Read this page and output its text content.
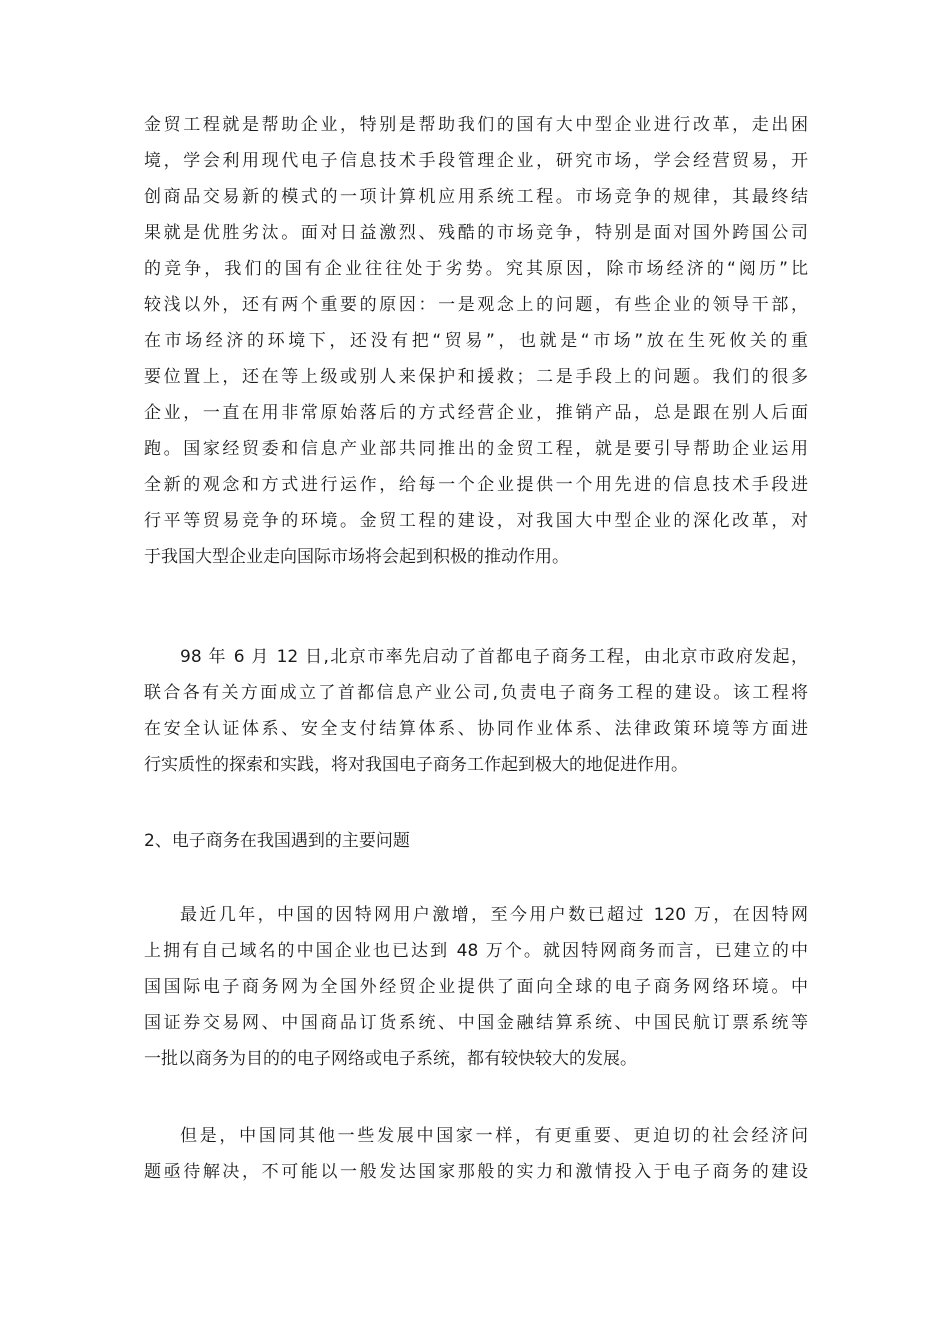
金贸工程就是帮助企业，特别是帮助我们的国有大中型企业进行改革，走出困
境，学会利用现代电子信息技术手段管理企业，研究市场，学会经营贸易，开
创商品交易新的模式的一项计算机应用系统工程。市场竞争的规律，其最终结
果就是优胜劣汰。面对日益激烈、残酷的市场竞争，特别是面对国外跨国公司
的竞争，我们的国有企业往往处于劣势。究其原因，除市场经济的“阅历”比
较浅以外，还有两个重要的原因：一是观念上的问题，有些企业的领导干部，
在市场经济的环境下，还没有把“贸易”，也就是“市场”放在生死攸关的重
要位置上，还在等上级或别人来保护和援救；二是手段上的问题。我们的很多
企业，一直在用非常原始落后的方式经营企业，推销产品，总是跟在别人后面
跑。国家经贸委和信息产业部共同推出的金贸工程，就是要引导帮助企业运用
全新的观念和方式进行运作，给每一个企业提供一个用先进的信息技术手段进
行平等贸易竞争的环境。金贸工程的建设，对我国大中型企业的深化改革，对
于我国大型企业走向国际市场将会起到积极的推动作用。
98 年 6 月 12 日,北京市率先启动了首都电子商务工程，由北京市政府发起，
联合各有关方面成立了首都信息产业公司,负责电子商务工程的建设。该工程将
在安全认证体系、安全支付结算体系、协同作业体系、法律政策环境等方面进
行实质性的探索和实践，将对我国电子商务工作起到极大的地促进作用。
2、电子商务在我国遇到的主要问题
最近几年，中国的因特网用户激增，至今用户数已超过 120 万，在因特网
上拥有自己域名的中国企业也已达到 48 万个。就因特网商务而言，已建立的中
国国际电子商务网为全国外经贸企业提供了面向全球的电子商务网络环境。中
国证券交易网、中国商品订货系统、中国金融结算系统、中国民航订票系统等
一批以商务为目的的电子网络或电子系统，都有较快较大的发展。
但是，中国同其他一些发展中国家一样，有更重要、更迫切的社会经济问
题亟待解决，不可能以一般发达国家那般的实力和激情投入于电子商务的建设
